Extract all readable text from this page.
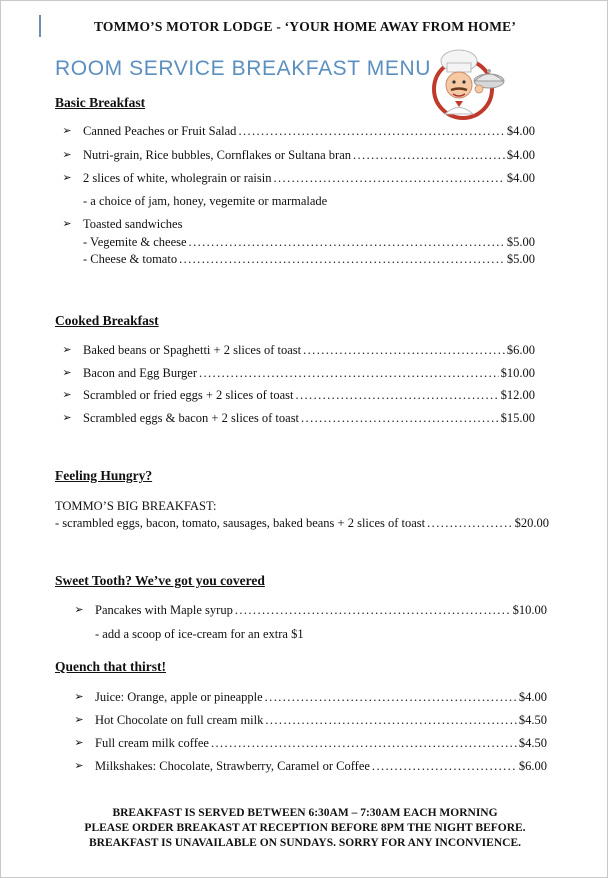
TOMMO’S MOTOR LODGE - ‘YOUR HOME AWAY FROM HOME’
ROOM SERVICE BREAKFAST MENU
Basic Breakfast
➢ Canned Peaches or Fruit Salad .....	$4.00
➢ Nutri-grain, Rice bubbles, Cornflakes or Sultana bran .....	$4.00
➢ 2 slices of white, wholegrain or raisin .....	$4.00
- a choice of jam, honey, vegemite or marmalade
➢ Toasted sandwiches
- Vegemite & cheese .....	$5.00
- Cheese & tomato .....	$5.00
Cooked Breakfast
➢ Baked beans or Spaghetti + 2 slices of toast .....	$6.00
➢ Bacon and Egg Burger .....	$10.00
➢ Scrambled or fried eggs + 2 slices of toast .....	$12.00
➢ Scrambled eggs & bacon + 2 slices of toast .....	$15.00
Feeling Hungry?
TOMMO’S BIG BREAKFAST:
- scrambled eggs, bacon, tomato, sausages, baked beans + 2 slices of toast .....	$20.00
Sweet Tooth? We’ve got you covered
➢ Pancakes with Maple syrup .....	$10.00
- add a scoop of ice-cream for an extra $1
Quench that thirst!
➢ Juice: Orange, apple or pineapple .....	$4.00
➢ Hot Chocolate on full cream milk .....	$4.50
➢ Full cream milk coffee .....	$4.50
➢ Milkshakes: Chocolate, Strawberry, Caramel or Coffee .....	$6.00
BREAKFAST IS SERVED BETWEEN 6:30AM – 7:30AM EACH MORNING
PLEASE ORDER BREAKAST AT RECEPTION BEFORE 8PM THE NIGHT BEFORE.
BREAKFAST IS UNAVAILABLE ON SUNDAYS. SORRY FOR ANY INCONVIENCE.
